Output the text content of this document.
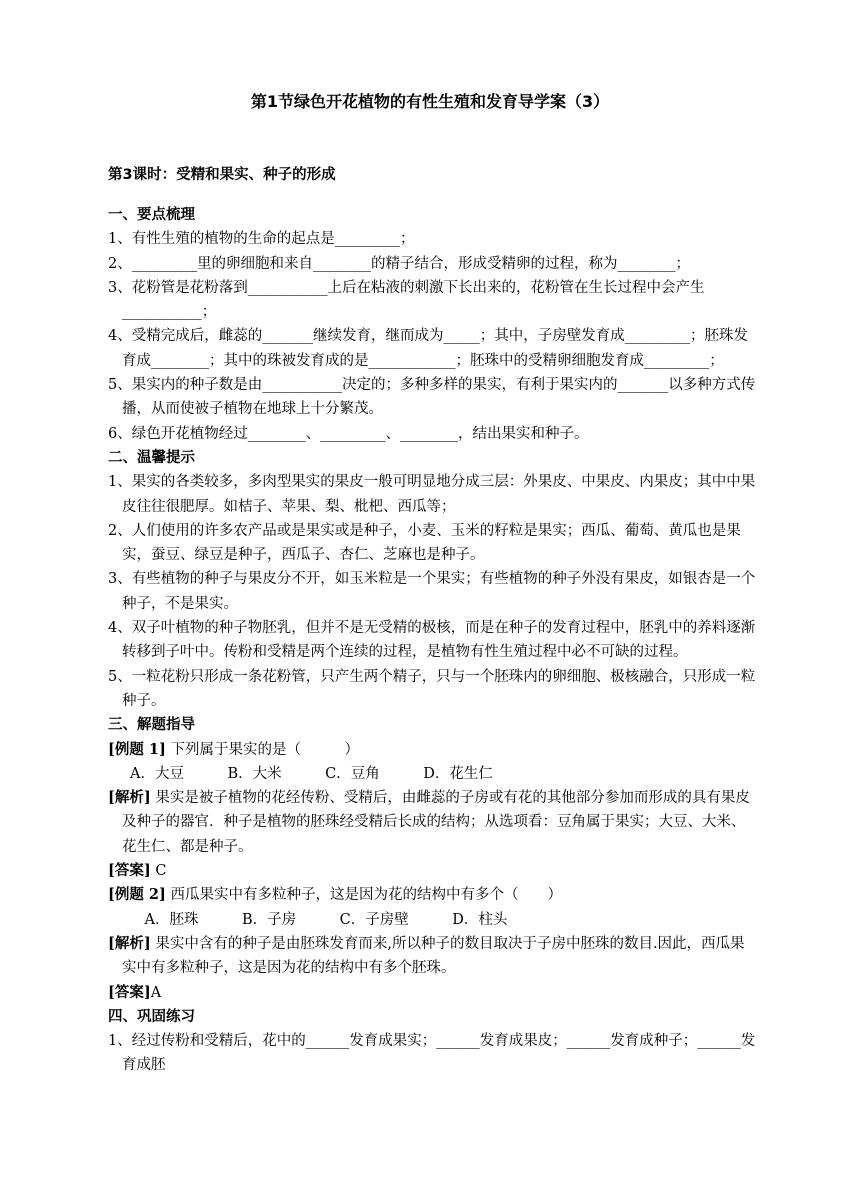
第1节绿色开花植物的有性生殖和发育导学案（3）
第3课时：受精和果实、种子的形成
一、要点梳理
1、有性生殖的植物的生命的起点是_________；
2、_________里的卵细胞和来自________的精子结合，形成受精卵的过程，称为________；
3、花粉管是花粉落到___________上后在粘液的刺激下长出来的，花粉管在生长过程中会产生___________；
4、受精完成后，雌蕊的_______继续发育，继而成为_____；其中，子房壁发育成_________；胚珠发育成________；其中的珠被发育成的是____________；胚珠中的受精卵细胞发育成_________；
5、果实内的种子数是由___________决定的；多种多样的果实，有利于果实内的_______以多种方式传播，从而使被子植物在地球上十分繁茂。
6、绿色开花植物经过________、_________、________，结出果实和种子。
二、温馨提示
1、果实的各类较多，多肉型果实的果皮一般可明显地分成三层：外果皮、中果皮、内果皮；其中中果皮往往很肥厚。如桔子、苹果、梨、枇杷、西瓜等；
2、人们使用的许多农产品或是果实或是种子，小麦、玉米的籽粒是果实；西瓜、葡萄、黄瓜也是果实，蚕豆、绿豆是种子，西瓜子、杏仁、芝麻也是种子。
3、有些植物的种子与果皮分不开，如玉米粒是一个果实；有些植物的种子外没有果皮，如银杏是一个种子，不是果实。
4、双子叶植物的种子物胚乳，但并不是无受精的极核，而是在种子的发育过程中，胚乳中的养料逐渐转移到子叶中。传粉和受精是两个连续的过程，是植物有性生殖过程中必不可缺的过程。
5、一粒花粉只形成一条花粉管，只产生两个精子，只与一个胚珠内的卵细胞、极核融合，只形成一粒种子。
三、解题指导
[例题 1] 下列属于果实的是（　　　）
A．大豆　　　B．大米　　　C．豆角　　　D．花生仁
[解析] 果实是被子植物的花经传粉、受精后，由雌蕊的子房或有花的其他部分参加而形成的具有果皮及种子的器官．种子是植物的胚珠经受精后长成的结构；从选项看：豆角属于果实；大豆、大米、花生仁、都是种子。
[答案] C
[例题 2] 西瓜果实中有多粒种子，这是因为花的结构中有多个（　　）
　A．胚珠　　　B．子房　　　C．子房壁　　　D．柱头
[解析] 果实中含有的种子是由胚珠发育而来,所以种子的数目取决于子房中胚珠的数目.因此，西瓜果实中有多粒种子，这是因为花的结构中有多个胚珠。
[答案]A
四、巩固练习
1、经过传粉和受精后，花中的______发育成果实；______发育成果皮；______发育成种子；______发育成胚
